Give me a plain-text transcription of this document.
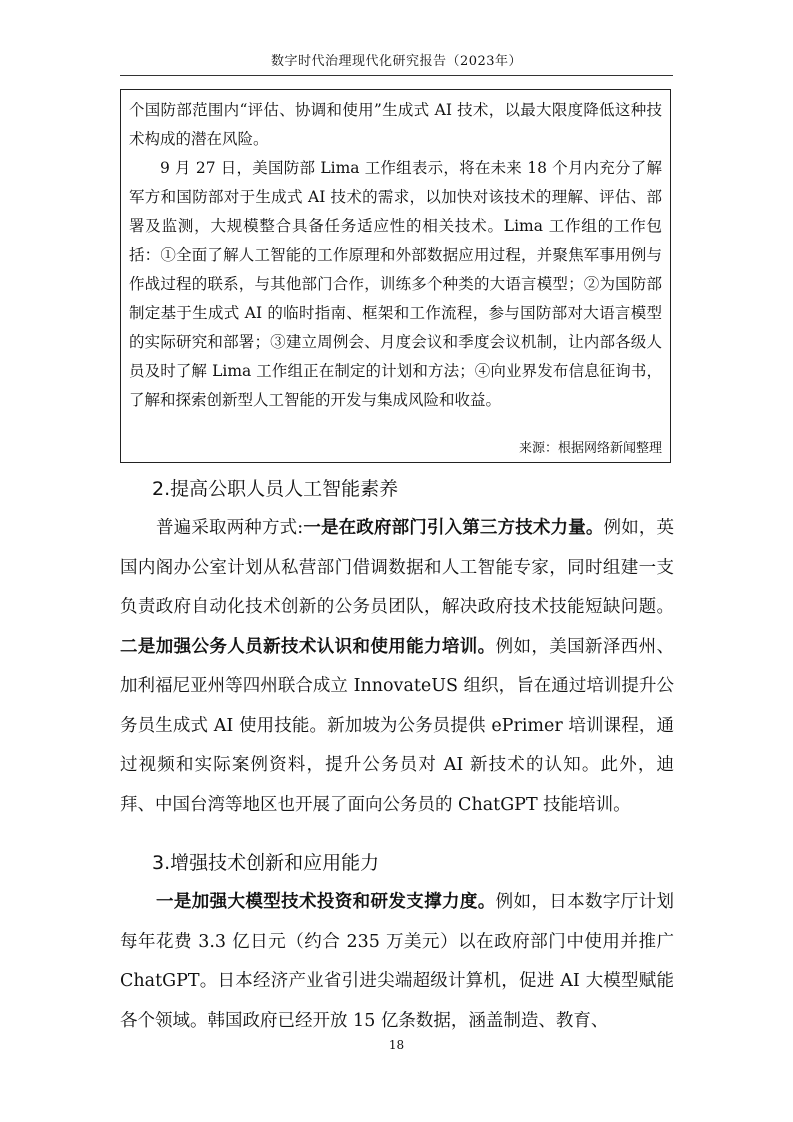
数字时代治理现代化研究报告（2023年）

个国防部范围内“评估、协调和使用”生成式 AI 技术，以最大限度降低这种技术构成的潜在风险。

9 月 27 日，美国防部 Lima 工作组表示，将在未来 18 个月内充分了解军方和国防部对于生成式 AI 技术的需求，以加快对该技术的理解、评估、部署及监测，大规模整合具备任务适应性的相关技术。Lima 工作组的工作包括：①全面了解人工智能的工作原理和外部数据应用过程，并聚焦军事用例与作战过程的联系，与其他部门合作，训练多个种类的大语言模型；②为国防部制定基于生成式 AI 的临时指南、框架和工作流程，参与国防部对大语言模型的实际研究和部署；③建立周例会、月度会议和季度会议机制，让内部各级人员及时了解 Lima 工作组正在制定的计划和方法；④向业界发布信息征询书，了解和探索创新型人工智能的开发与集成风险和收益。

来源：根据网络新闻整理
2.提高公职人员人工智能素养

普遍采取两种方式:一是在政府部门引入第三方技术力量。例如，英国内阁办公室计划从私营部门借调数据和人工智能专家，同时组建一支负责政府自动化技术创新的公务员团队，解决政府技术技能短缺问题。二是加强公务人员新技术认识和使用能力培训。例如，美国新泽西州、加利福尼亚州等四州联合成立 InnovateUS 组织，旨在通过培训提升公务员生成式 AI 使用技能。新加坡为公务员提供 ePrimer 培训课程，通过视频和实际案例资料，提升公务员对 AI 新技术的认知。此外，迪拜、中国台湾等地区也开展了面向公务员的 ChatGPT 技能培训。

3.增强技术创新和应用能力

一是加强大模型技术投资和研发支撑力度。例如，日本数字厅计划每年花费 3.3 亿日元（约合 235 万美元）以在政府部门中使用并推广 ChatGPT。日本经济产业省引进尖端超级计算机，促进 AI 大模型赋能各个领域。韩国政府已经开放 15 亿条数据，涵盖制造、教育、

18
